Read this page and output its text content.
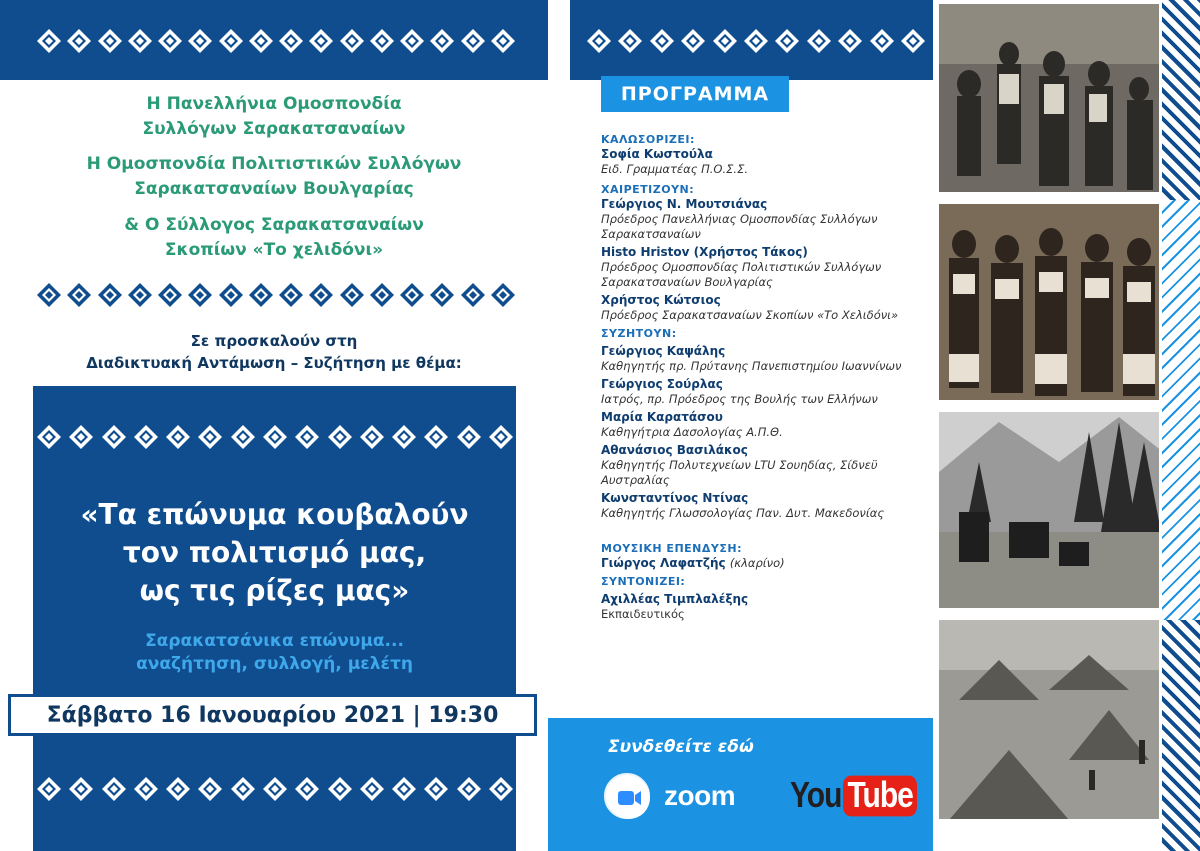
Η Πανελλήνια Ομοσπονδία
Συλλόγων Σαρακατσαναίων
Η Ομοσπονδία Πολιτιστικών Συλλόγων
Σαρακατσαναίων Βουλγαρίας
& Ο Σύλλογος Σαρακατσαναίων
Σκοπίων «Το χελιδόνι»
Σε προσκαλούν στη
Διαδικτυακή Αντάμωση – Συζήτηση με θέμα:
«Τα επώνυμα κουβαλούν
τον πολιτισμό μας,
ως τις ρίζες μας»
Σαρακατσάνικα επώνυμα...
αναζήτηση, συλλογή, μελέτη
Σάββατο 16 Ιανουαρίου 2021 | 19:30
ΠΡΟΓΡΑΜΜΑ
ΚΑΛΩΣΟΡΙΖΕΙ:
Σοφία Κωστούλα
Ειδ. Γραμματέας Π.Ο.Σ.Σ.
ΧΑΙΡΕΤΙΖΟΥΝ:
Γεώργιος Ν. Μουτσιάνας
Πρόεδρος Πανελλήνιας Ομοσπονδίας Συλλόγων
Σαρακατσαναίων
Histo Hristov (Χρήστος Τάκος)
Πρόεδρος Ομοσπονδίας Πολιτιστικών Συλλόγων
Σαρακατσαναίων Βουλγαρίας
Χρήστος Κώτσιος
Πρόεδρος Σαρακατσαναίων Σκοπίων «Το Χελιδόνι»
ΣΥΖΗΤΟΥΝ:
Γεώργιος Καψάλης
Καθηγητής πρ. Πρύτανης Πανεπιστημίου Ιωαννίνων
Γεώργιος Σούρλας
Ιατρός, πρ. Πρόεδρος της Βουλής των Ελλήνων
Μαρία Καρατάσου
Καθηγήτρια Δασολογίας Α.Π.Θ.
Αθανάσιος Βασιλάκος
Καθηγητής Πολυτεχνείων LTU Σουηδίας, Σίδνεϋ Αυστραλίας
Κωνσταντίνος Ντίνας
Καθηγητής Γλωσσολογίας Παν. Δυτ. Μακεδονίας
ΜΟΥΣΙΚΗ ΕΠΕΝΔΥΣΗ:
Γιώργος Λαφατζής (κλαρίνο)
ΣΥΝΤΟΝΙΖΕΙ:
Αχιλλέας Τιμπλαλέξης
Εκπαιδευτικός
Συνδεθείτε εδώ
zoom You Tube
